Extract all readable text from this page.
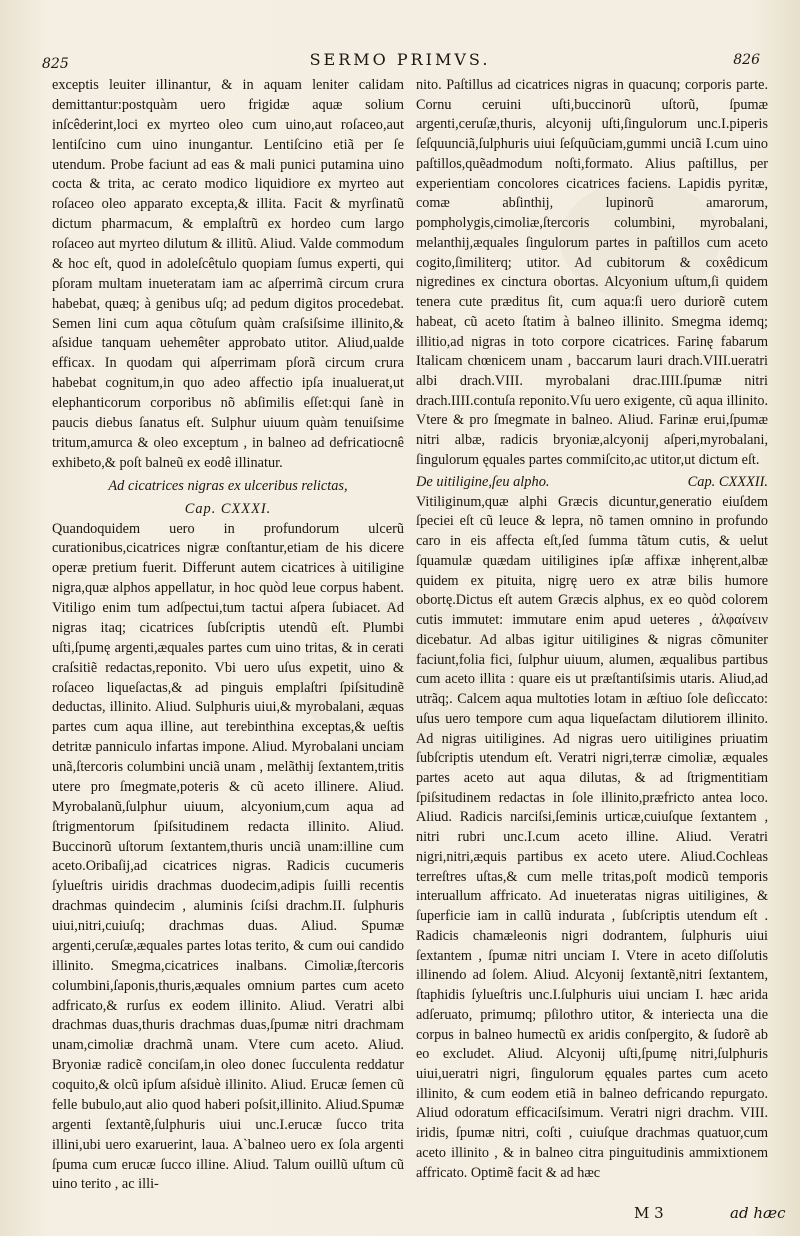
825	SERMO PRIMVS.	826

exceptis leuiter illinantur, & in aquam leniter calidam demittantur:postquàm uero frigidæ aquæ solium inſcêderint,loci ex myrteo oleo cum uino,aut roſaceo,aut lentiſcino cum uino inungantur. Lentiſcino etiã per ſe utendum. Probe faciunt ad eas & mali punici putamina uino cocta & trita, ac cerato modico liquidiore ex myrteo aut roſaceo oleo apparato excepta,& illita. Facit & myrſinatũ dictum pharmacum, & emplaſtrũ ex hordeo cum largo roſaceo aut myrteo dilutum & illitũ. Aliud. Valde commodum & hoc eſt, quod in adoleſcêtulo quopiam ſumus experti, qui pſoram multam inueteratam iam ac aſperrimã circum crura habebat, quæq; à genibus uſq; ad pedum digitos procedebat. Semen lini cum aqua cõtuſum quàm craſsiſsime illinito,& aſsidue tanquam uehemêter approbato utitor. Aliud,ualde efficax. In quodam qui aſperrimam pſorã circum crura habebat cognitum,in quo adeo affectio ipſa inualuerat,ut elephanticorum corporibus nõ abſimilis eſſet:qui ſanè in paucis diebus ſanatus eſt. Sulphur uiuum quàm tenuiſsime tritum,amurca & oleo exceptum , in balneo ad defricatiocnê exhibeto,& poſt balneũ ex eodê illinatur.

Ad cicatrices nigras ex ulceribus relictas,
Cap. CXXXI.

Quandoquidem uero in profundorum ulcerũ curationibus,cicatrices nigræ conſtantur,etiam de his dicere operæ pretium fuerit. Differunt autem cicatrices à uitiligine nigra,quæ alphos appellatur, in hoc quòd leue corpus habent. Vitiligo enim tum adſpectui,tum tactui aſpera ſubiacet. Ad nigras itaq; cicatrices ſubſcriptis utendũ eſt. Plumbi uſti,ſpumę argenti,æquales partes cum uino tritas, & in cerati craſsitiẽ redactas,reponito. Vbi uero uſus expetit, uino & roſaceo liqueſactas,& ad pinguis emplaſtri ſpiſsitudinẽ deductas, illinito. Aliud. Sulphuris uiui,& myrobalani, æquas partes cum aqua illine, aut terebinthina exceptas,& ueſtis detritæ panniculo infartas impone. Aliud. Myrobalani unciam unã,ſtercoris columbini unciã unam , melãthij ſextantem,tritis utere pro ſmegmate,poteris & cũ aceto illinere. Aliud. Myrobalanũ,ſulphur uiuum, alcyonium,cum aqua ad ſtrigmentorum ſpiſsitudinem redacta illinito. Aliud. Buccinorũ uſtorum ſextantem,thuris unciã unam:illine cum aceto.Oribaſij,ad cicatrices nigras. Radicis cucumeris ſylueſtris uiridis drachmas duodecim,adipis ſuilli recentis drachmas quindecim , aluminis ſciſsi drachm.II. ſulphuris uiui,nitri,cuiuſq; drachmas duas. Aliud. Spumæ argenti,ceruſæ,æquales partes lotas terito, & cum oui candido illinito. Smegma,cicatrices inalbans. Cimoliæ,ſtercoris columbini,ſaponis,thuris,æquales omnium partes cum aceto adfricato,& rurſus ex eodem illinito. Aliud. Veratri albi drachmas duas,thuris drachmas duas,ſpumæ nitri drachmam unam,cimoliæ drachmã unam. Vtere cum aceto. Aliud. Bryoniæ radicẽ conciſam,in oleo donec ſucculenta reddatur coquito,& olcũ ipſum aſsiduè illinito. Aliud. Erucæ ſemen cũ felle bubulo,aut alio quod haberi poſsit,illinito. Aliud.Spumæ argenti ſextantẽ,ſulphuris uiui unc.I.erucæ ſucco trita illini,ubi uero exaruerint, laua. A`balneo uero ex ſola argenti ſpuma cum erucæ ſucco illine. Aliud. Talum ouillũ uſtum cũ uino terito , ac illi-

nito. Paſtillus ad cicatrices nigras in quacunq; corporis parte. Cornu ceruini uſti,buccinorũ uſtorũ, ſpumæ argenti,ceruſæ,thuris, alcyonij uſti,ſingulorum unc.I.piperis ſeſquunciã,ſulphuris uiui ſeſquũciam,gummi unciã I.cum uino paſtillos,quẽadmodum noſti,formato. Alius paſtillus, per experientiam concolores cicatrices faciens. Lapidis pyritæ, comæ abſinthij, lupinorũ amarorum, pompholygis,cimoliæ,ſtercoris columbini, myrobalani, melanthij,æquales ſingulorum partes in paſtillos cum aceto cogito,ſimiliterq; utitor. Ad cubitorum & coxêdicum nigredines ex cinctura obortas. Alcyonium uſtum,ſi quidem tenera cute præditus ſit, cum aqua:ſi uero duriorẽ cutem habeat, cũ aceto ſtatim à balneo illinito. Smegma idemq; illitio,ad nigras in toto corpore cicatrices. Farinę fabarum Italicam chœnicem unam , baccarum lauri drach.VIII.ueratri albi drach.VIII. myrobalani drac.IIII.ſpumæ nitri drach.IIII.contuſa reponito.Vſu uero exigente, cũ aqua illinito. Vtere & pro ſmegmate in balneo. Aliud. Farinæ erui,ſpumæ nitri albæ, radicis bryoniæ,alcyonij aſperi,myrobalani, ſingulorum ęquales partes commiſcito,ac utitor,ut dictum eſt.

De uitiligine,ſeu alpho.	Cap. CXXXII.

Vitiliginum,quæ alphi Græcis dicuntur,generatio eiuſdem ſpeciei eſt cũ leuce & lepra, nõ tamen omnino in profundo caro in eis affecta eſt,ſed ſumma tãtum cutis, & uelut ſquamulæ quædam uitiligines ipſæ affixæ inhęrent,albæ quidem ex pituita, nigrę uero ex atræ bilis humore obortę.Dictus eſt autem Græcis alphus, ex eo quòd colorem cutis immutet: immutare enim apud ueteres , ἀλφαίνειν dicebatur. Ad albas igitur uitiligines & nigras cõmuniter faciunt,folia fici, ſulphur uiuum, alumen, æqualibus partibus cum aceto illita : quare eis ut præſtantiſsimis utaris. Aliud,ad utrãq;. Calcem aqua multoties lotam in æſtiuo ſole deſiccato: uſus uero tempore cum aqua liqueſactam dilutiorem illinito. Ad nigras uitiligines. Ad nigras uero uitiligines priuatim ſubſcriptis utendum eſt. Veratri nigri,terræ cimoliæ, æquales partes aceto aut aqua dilutas, & ad ſtrigmentitiam ſpiſsitudinem redactas in ſole illinito,præfricto antea loco. Aliud. Radicis narciſsi,ſeminis urticæ,cuiuſque ſextantem , nitri rubri unc.I.cum aceto illine. Aliud. Veratri nigri,nitri,æquis partibus ex aceto utere. Aliud.Cochleas terreſtres uſtas,& cum melle tritas,poſt modicũ temporis interuallum affricato. Ad inueteratas nigras uitiligines, & ſuperficie iam in callũ indurata , ſubſcriptis utendum eſt . Radicis chamæleonis nigri dodrantem, ſulphuris uiui ſextantem , ſpumæ nitri unciam I. Vtere in aceto diſſolutis illinendo ad ſolem. Aliud. Alcyonij ſextantẽ,nitri ſextantem, ſtaphidis ſylueſtris unc.I.ſulphuris uiui unciam I. hæc arida adſeruato, primumq; pſilothro utitor, & interiecta una die corpus in balneo humectũ ex aridis conſpergito, & ſudorẽ ab eo excludet. Aliud. Alcyonij uſti,ſpumę nitri,ſulphuris uiui,ueratri nigri, ſingulorum ęquales partes cum aceto illinito, & cum eodem etiã in balneo defricando repurgato. Aliud odoratum efficaciſsimum. Veratri nigri drachm. VIII. iridis, ſpumæ nitri, coſti , cuiuſque drachmas quatuor,cum aceto illinito , & in balneo citra pinguitudinis ammixtionem affricato. Optimẽ facit & ad hæc

M 3	ad hæc
